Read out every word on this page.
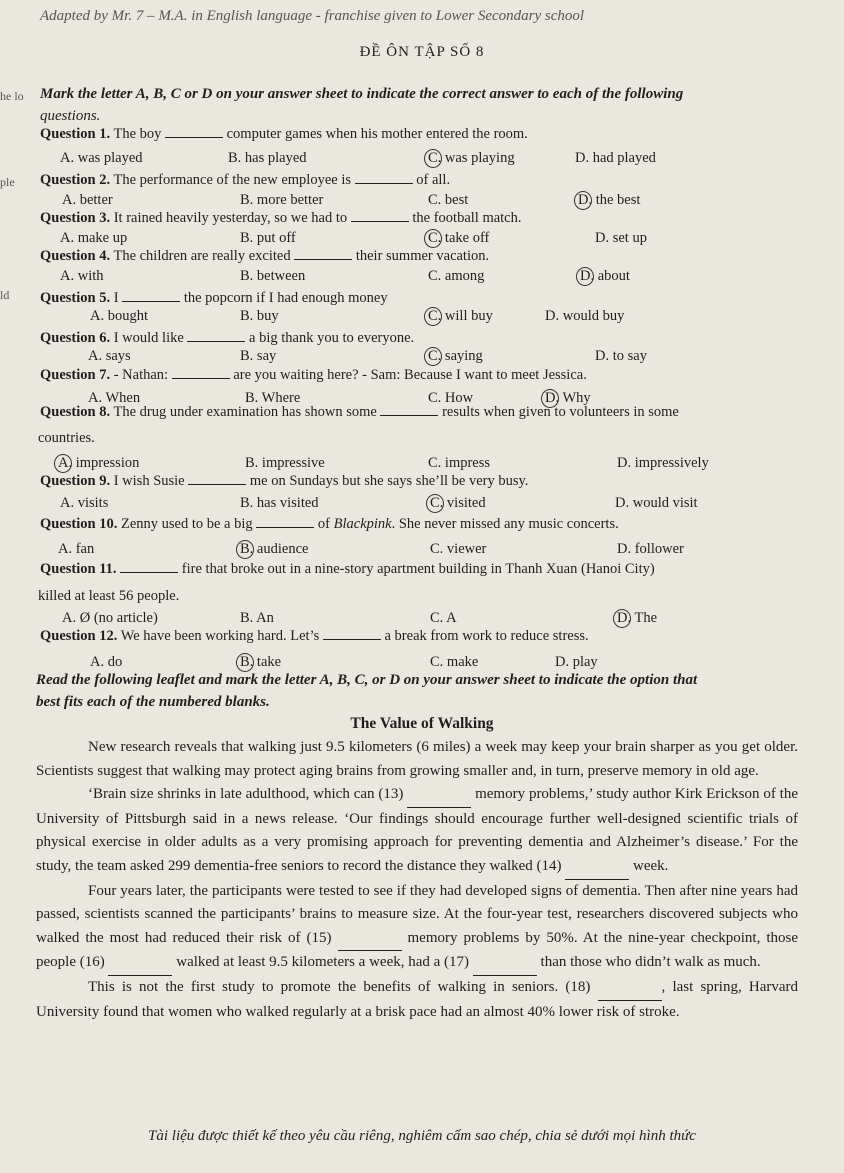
Adapted by Mr. 7 – M.A. in English language - franchise given to Lower Secondary school
ĐỀ ÔN TẬP SỐ 8
he lo
ple
ld
Mark the letter A, B, C or D on your answer sheet to indicate the correct answer to each of the following
questions.
Question 1. The boy	computer games when his mother entered the room.
A. was played	B. has played	C. was playing	D. had played
Question 2. The performance of the new employee is	of all.
A. better	B. more better	C. best	D. the best
Question 3. It rained heavily yesterday, so we had to	the football match.
A. make up	B. put off	C. take off	D. set up
Question 4. The children are really excited	their summer vacation.
A. with	B. between	C. among	D. about
Question 5. I	the popcorn if I had enough money
A. bought	B. buy	C. will buy	D. would buy
Question 6. I would like	a big thank you to everyone.
A. says	B. say	C. saying	D. to say
Question 7. - Nathan:	are you waiting here? - Sam: Because I want to meet Jessica.
A. When	B. Where	C. How	D. Why
Question 8. The drug under examination has shown some	results when given to volunteers in some
countries.
A. impression	B. impressive	C. impress	D. impressively
Question 9. I wish Susie	me on Sundays but she says she’ll be very busy.
A. visits	B. has visited	C. visited	D. would visit
Question 10. Zenny used to be a big	of Blackpink. She never missed any music concerts.
A. fan	B. audience	C. viewer	D. follower
Question 11.	fire that broke out in a nine-story apartment building in Thanh Xuan (Hanoi City)
killed at least 56 people.
A. Ø (no article)	B. An	C. A	D. The
Question 12. We have been working hard. Let’s	a break from work to reduce stress.
A. do	B. take	C. make	D. play
Read the following leaflet and mark the letter A, B, C, or D on your answer sheet to indicate the option that
best fits each of the numbered blanks.
The Value of Walking

New research reveals that walking just 9.5 kilometers (6 miles) a week may keep your brain sharper as you get older. Scientists suggest that walking may protect aging brains from growing smaller and, in turn, preserve memory in old age.

‘Brain size shrinks in late adulthood, which can (13)	memory problems,’ study author Kirk Erickson of the University of Pittsburgh said in a news release. ‘Our findings should encourage further well-designed scientific trials of physical exercise in older adults as a very promising approach for preventing dementia and Alzheimer’s disease.’ For the study, the team asked 299 dementia-free seniors to record the distance they walked (14)	week.

Four years later, the participants were tested to see if they had developed signs of dementia. Then after nine years had passed, scientists scanned the participants’ brains to measure size. At the four-year test, researchers discovered subjects who walked the most had reduced their risk of (15)	memory problems by 50%. At the nine-year checkpoint, those people (16)	walked at least 9.5 kilometers a week, had a (17)	than those who didn’t walk as much.

This is not the first study to promote the benefits of walking in seniors. (18)	, last spring, Harvard University found that women who walked regularly at a brisk pace had an almost 40% lower risk of stroke.

Tài liệu được thiết kế theo yêu cầu riêng, nghiêm cấm sao chép, chia sẻ dưới mọi hình thức
